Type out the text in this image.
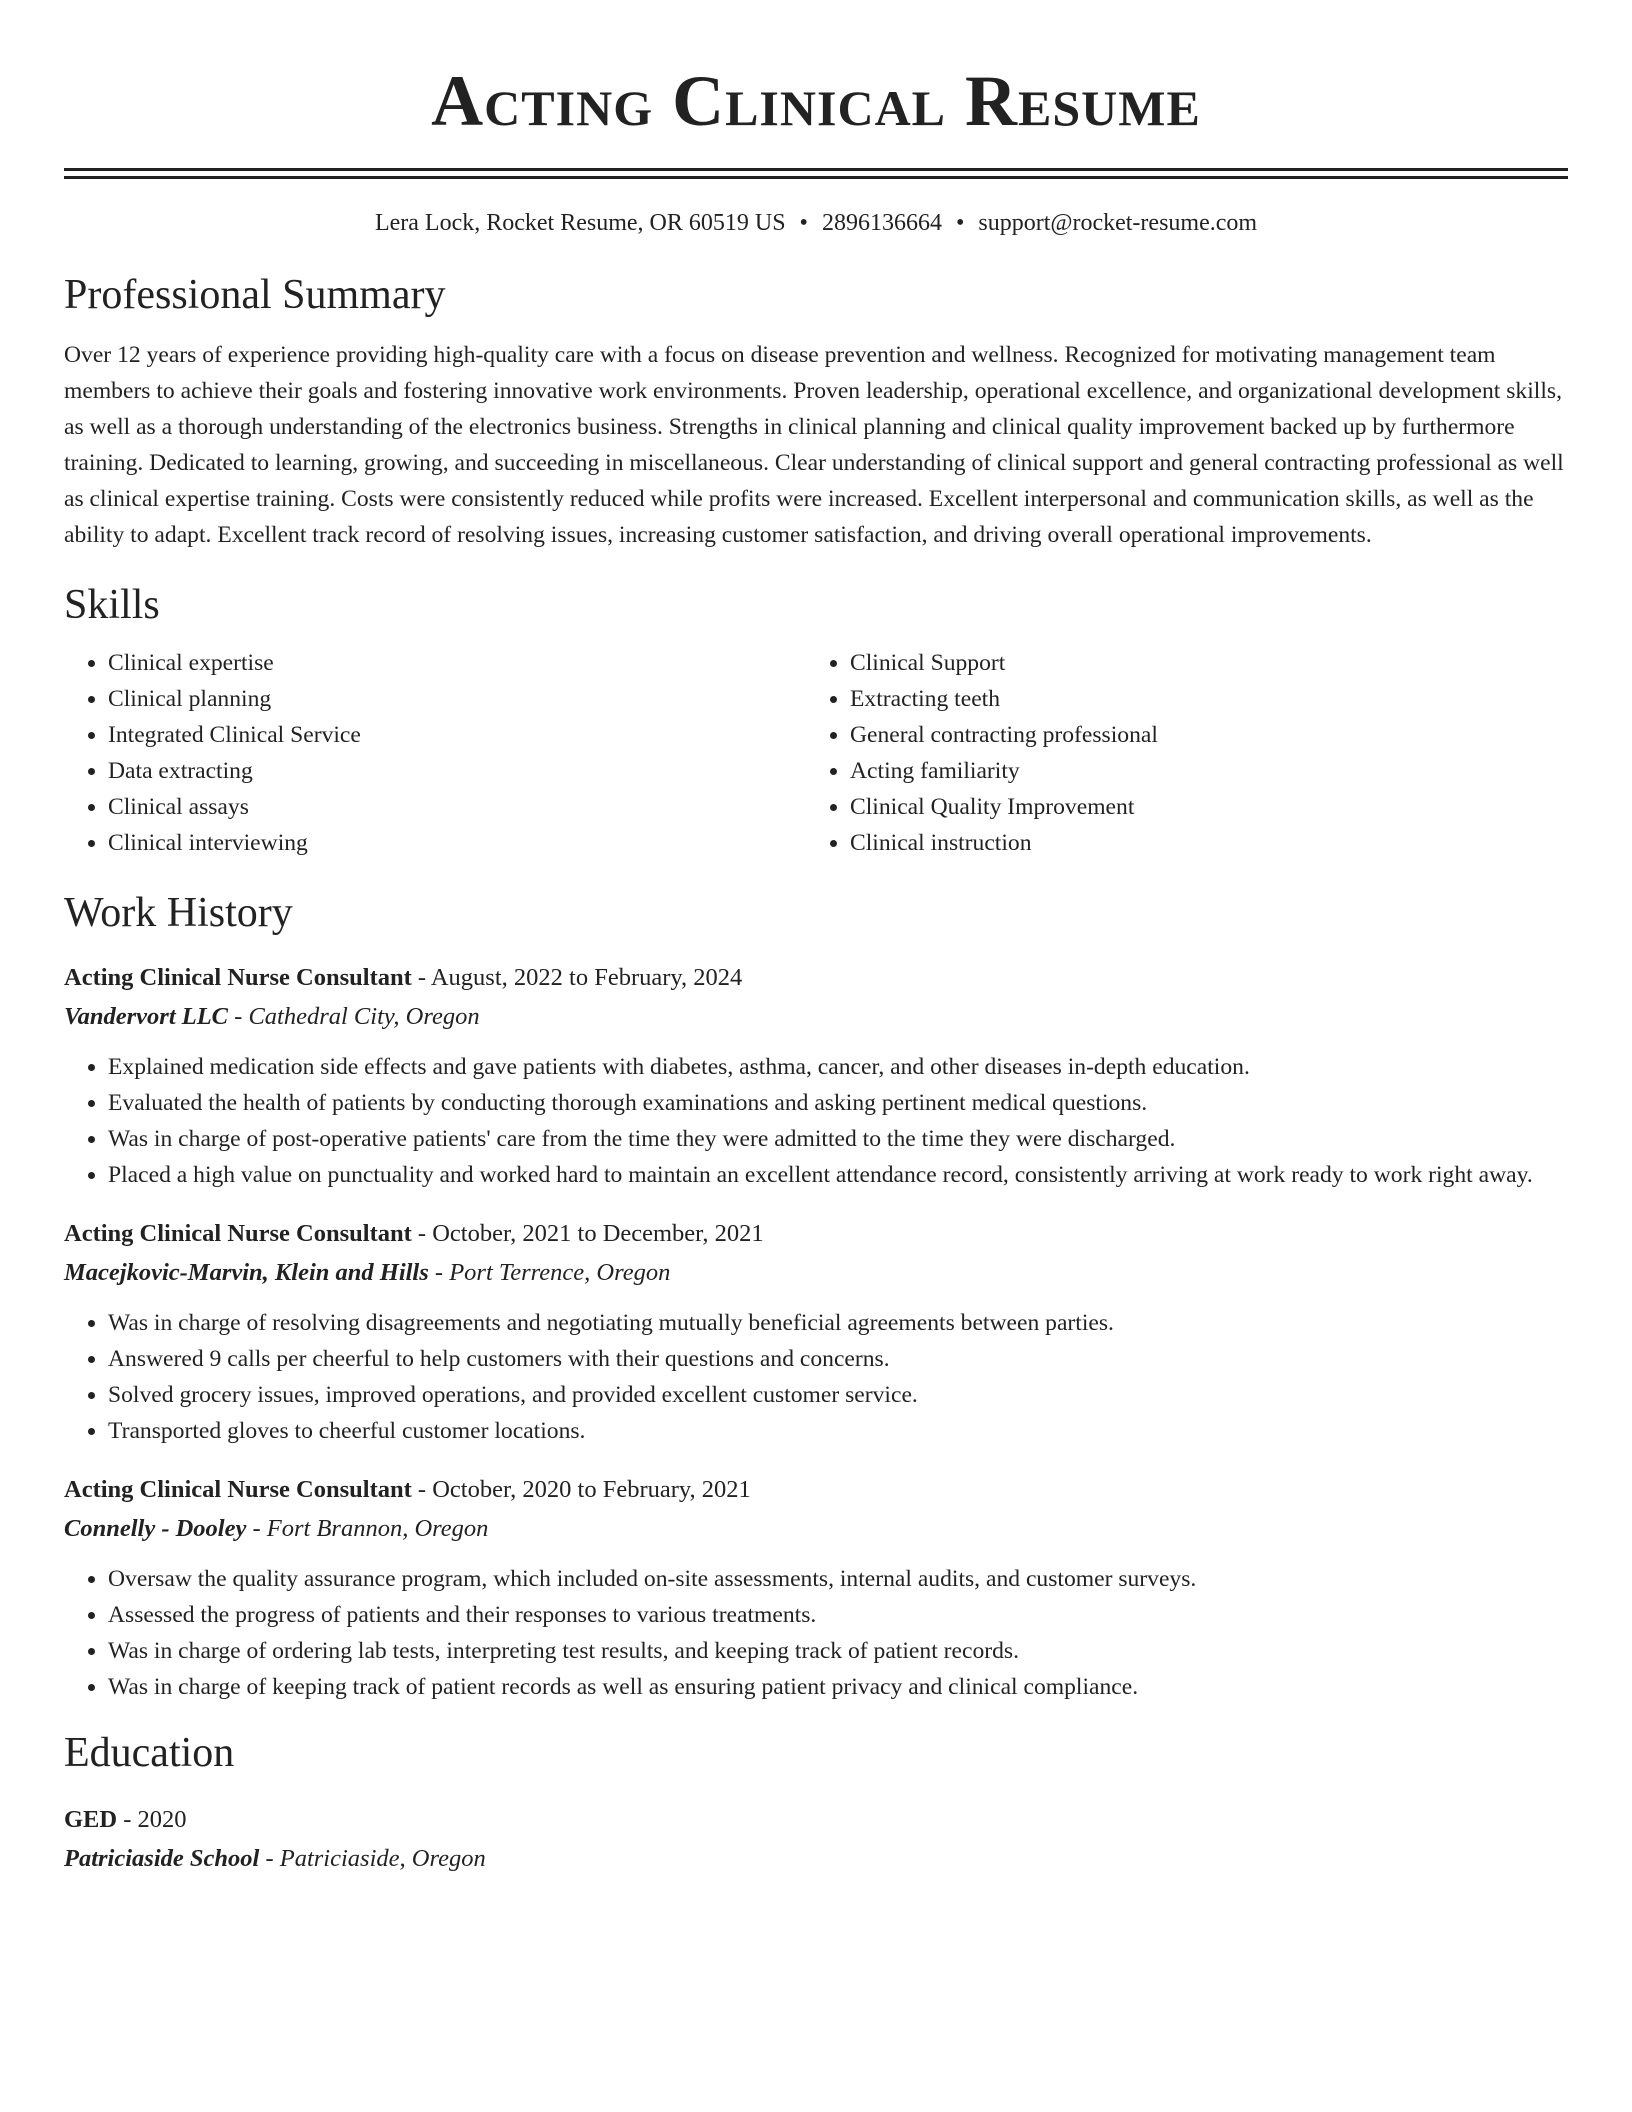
Acting Clinical Resume
Lera Lock, Rocket Resume, OR 60519 US • 2896136664 • support@rocket-resume.com
Professional Summary
Over 12 years of experience providing high-quality care with a focus on disease prevention and wellness. Recognized for motivating management team members to achieve their goals and fostering innovative work environments. Proven leadership, operational excellence, and organizational development skills, as well as a thorough understanding of the electronics business. Strengths in clinical planning and clinical quality improvement backed up by furthermore training. Dedicated to learning, growing, and succeeding in miscellaneous. Clear understanding of clinical support and general contracting professional as well as clinical expertise training. Costs were consistently reduced while profits were increased. Excellent interpersonal and communication skills, as well as the ability to adapt. Excellent track record of resolving issues, increasing customer satisfaction, and driving overall operational improvements.
Skills
• Clinical expertise
• Clinical planning
• Integrated Clinical Service
• Data extracting
• Clinical assays
• Clinical interviewing
• Clinical Support
• Extracting teeth
• General contracting professional
• Acting familiarity
• Clinical Quality Improvement
• Clinical instruction
Work History
Acting Clinical Nurse Consultant - August, 2022 to February, 2024
Vandervort LLC - Cathedral City, Oregon
• Explained medication side effects and gave patients with diabetes, asthma, cancer, and other diseases in-depth education.
• Evaluated the health of patients by conducting thorough examinations and asking pertinent medical questions.
• Was in charge of post-operative patients' care from the time they were admitted to the time they were discharged.
• Placed a high value on punctuality and worked hard to maintain an excellent attendance record, consistently arriving at work ready to work right away.
Acting Clinical Nurse Consultant - October, 2021 to December, 2021
Macejkovic-Marvin, Klein and Hills - Port Terrence, Oregon
• Was in charge of resolving disagreements and negotiating mutually beneficial agreements between parties.
• Answered 9 calls per cheerful to help customers with their questions and concerns.
• Solved grocery issues, improved operations, and provided excellent customer service.
• Transported gloves to cheerful customer locations.
Acting Clinical Nurse Consultant - October, 2020 to February, 2021
Connelly - Dooley - Fort Brannon, Oregon
• Oversaw the quality assurance program, which included on-site assessments, internal audits, and customer surveys.
• Assessed the progress of patients and their responses to various treatments.
• Was in charge of ordering lab tests, interpreting test results, and keeping track of patient records.
• Was in charge of keeping track of patient records as well as ensuring patient privacy and clinical compliance.
Education
GED - 2020
Patriciaside School - Patriciaside, Oregon
